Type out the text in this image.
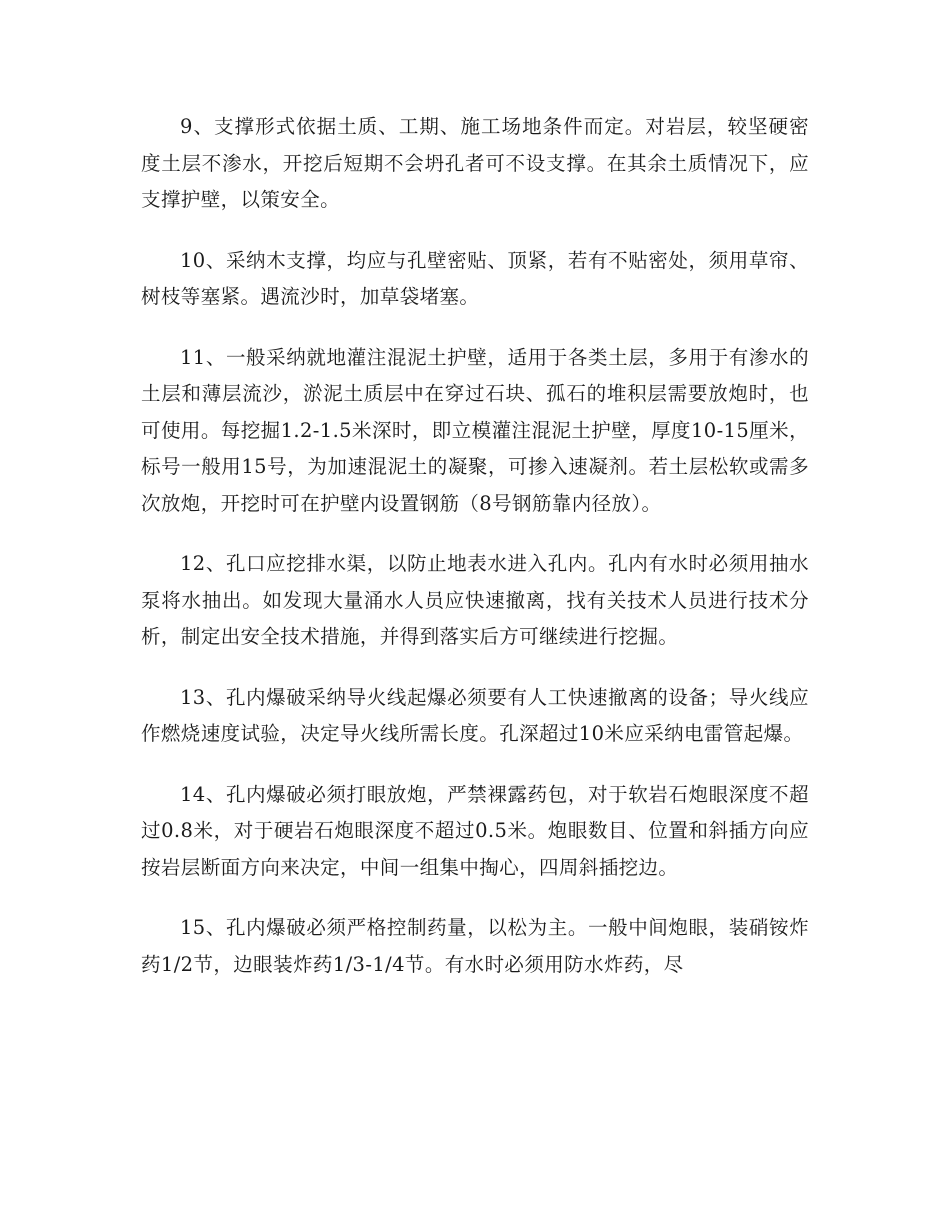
9、支撑形式依据土质、工期、施工场地条件而定。对岩层，较坚硬密度土层不渗水，开挖后短期不会坍孔者可不设支撑。在其余土质情况下，应支撑护壁，以策安全。

10、采纳木支撑，均应与孔壁密贴、顶紧，若有不贴密处，须用草帘、树枝等塞紧。遇流沙时，加草袋堵塞。

11、一般采纳就地灌注混泥土护壁，适用于各类土层，多用于有渗水的土层和薄层流沙，淤泥土质层中在穿过石块、孤石的堆积层需要放炮时，也可使用。每挖掘1.2-1.5米深时，即立模灌注混泥土护壁，厚度10-15厘米，标号一般用15号，为加速混泥土的凝聚，可掺入速凝剂。若土层松软或需多次放炮，开挖时可在护壁内设置钢筋（8号钢筋靠内径放）。

12、孔口应挖排水渠，以防止地表水进入孔内。孔内有水时必须用抽水泵将水抽出。如发现大量涌水人员应快速撤离，找有关技术人员进行技术分析，制定出安全技术措施，并得到落实后方可继续进行挖掘。

13、孔内爆破采纳导火线起爆必须要有人工快速撤离的设备；导火线应作燃烧速度试验，决定导火线所需长度。孔深超过10米应采纳电雷管起爆。

14、孔内爆破必须打眼放炮，严禁裸露药包，对于软岩石炮眼深度不超过0.8米，对于硬岩石炮眼深度不超过0.5米。炮眼数目、位置和斜插方向应按岩层断面方向来决定，中间一组集中掏心，四周斜插挖边。

15、孔内爆破必须严格控制药量，以松为主。一般中间炮眼，装硝铵炸药1/2节，边眼装炸药1/3-1/4节。有水时必须用防水炸药，尽
